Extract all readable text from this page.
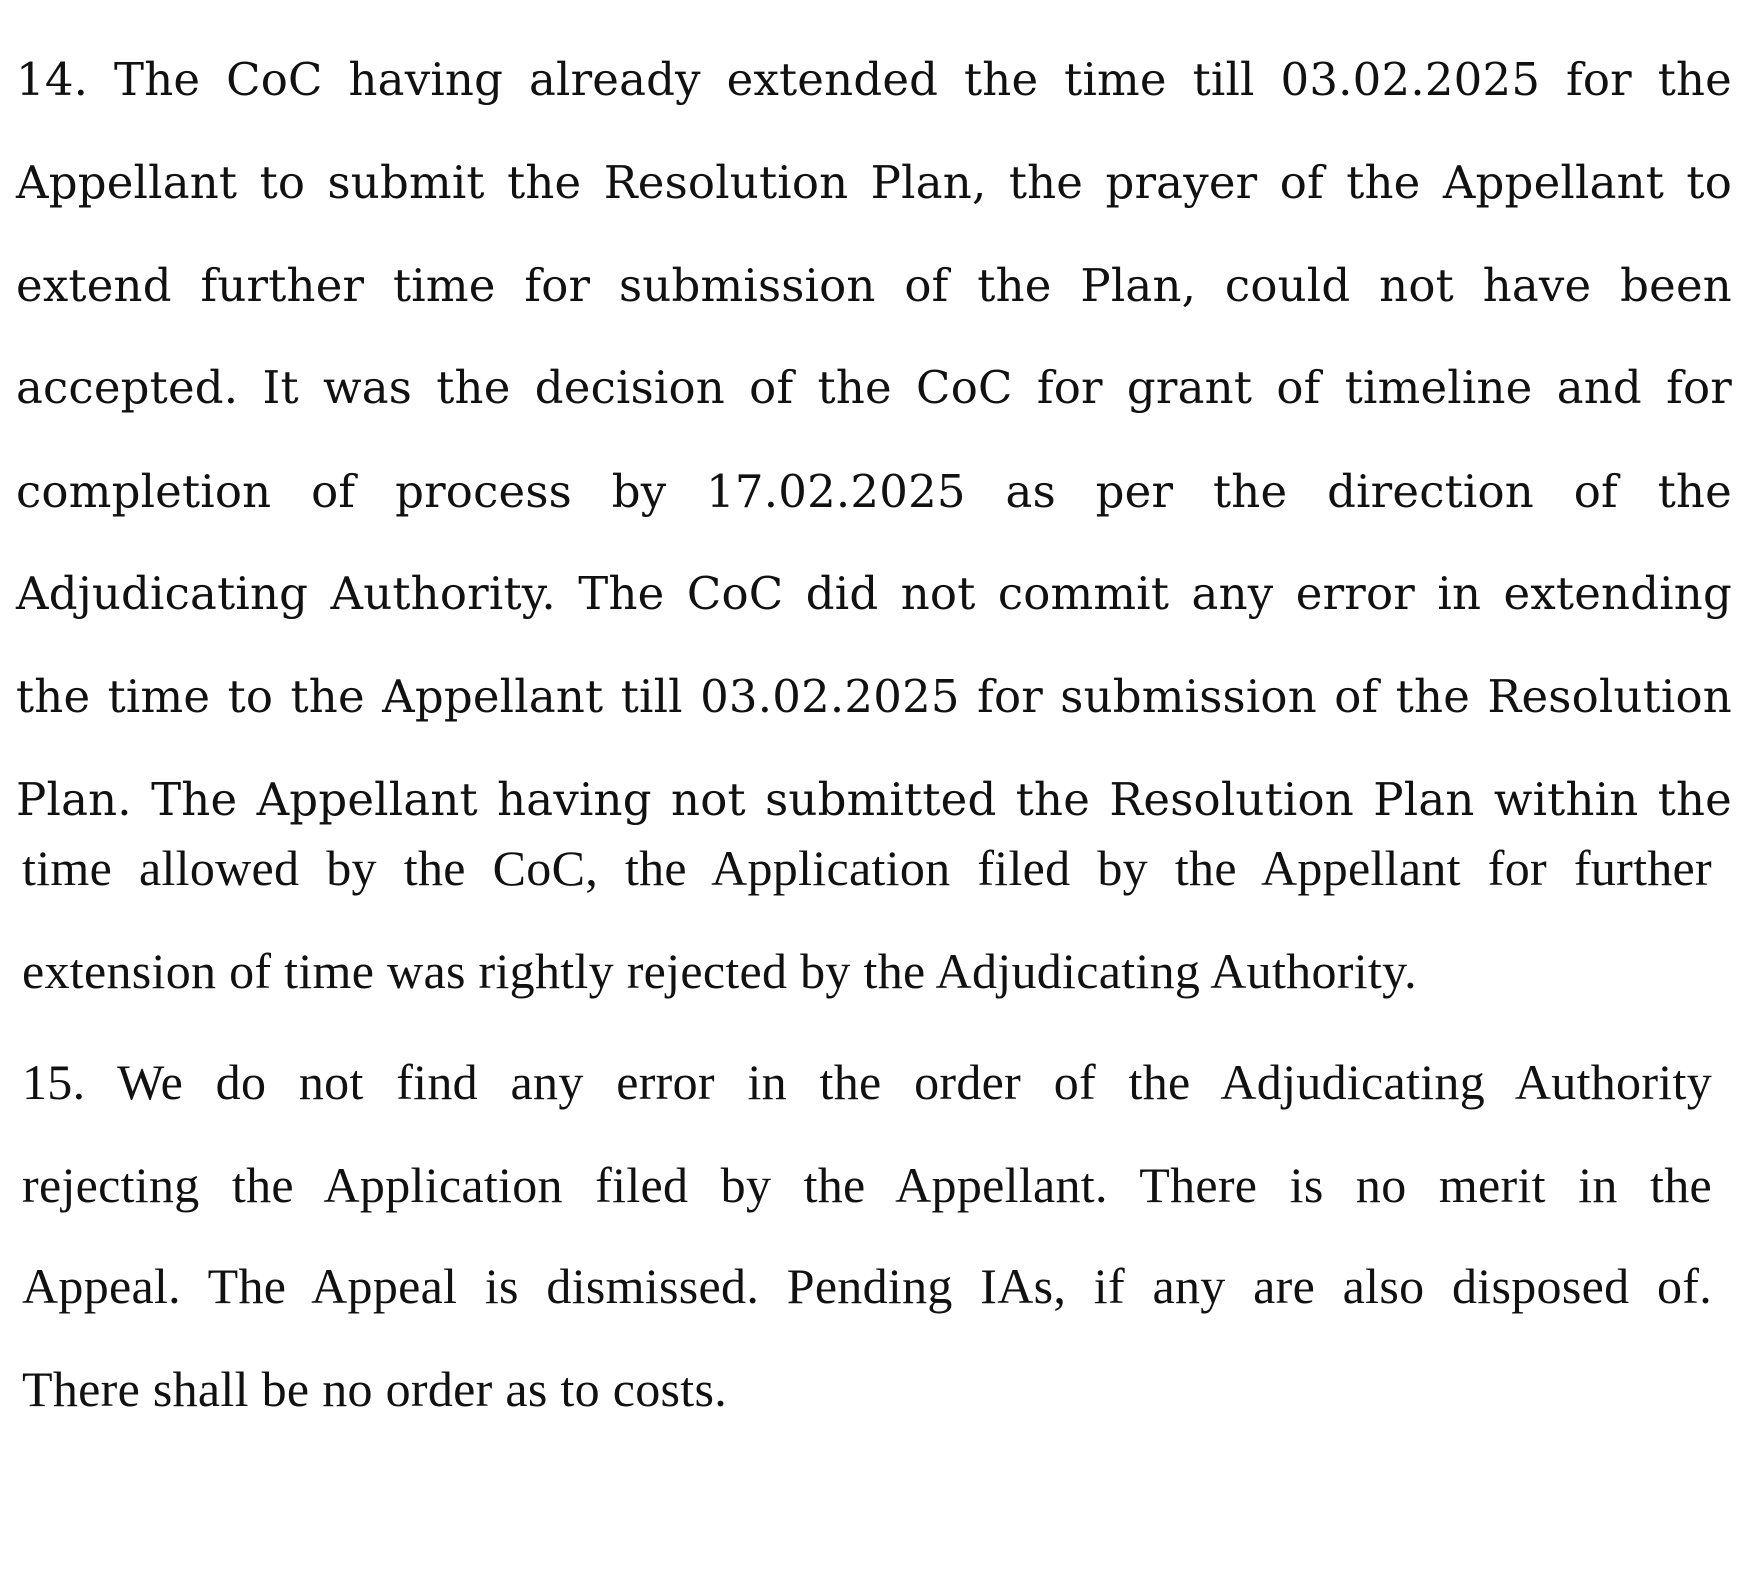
14. The CoC having already extended the time till 03.02.2025 for the

Appellant to submit the Resolution Plan, the prayer of the Appellant to

extend further time for submission of the Plan, could not have been

accepted. It was the decision of the CoC for grant of timeline and for

completion of process by 17.02.2025 as per the direction of the

Adjudicating Authority. The CoC did not commit any error in extending

the time to the Appellant till 03.02.2025 for submission of the Resolution

Plan. The Appellant having not submitted the Resolution Plan within the

time allowed by the CoC, the Application filed by the Appellant for further

extension of time was rightly rejected by the Adjudicating Authority.

15. We do not find any error in the order of the Adjudicating Authority

rejecting the Application filed by the Appellant. There is no merit in the

Appeal. The Appeal is dismissed. Pending IAs, if any are also disposed of.

There shall be no order as to costs.
